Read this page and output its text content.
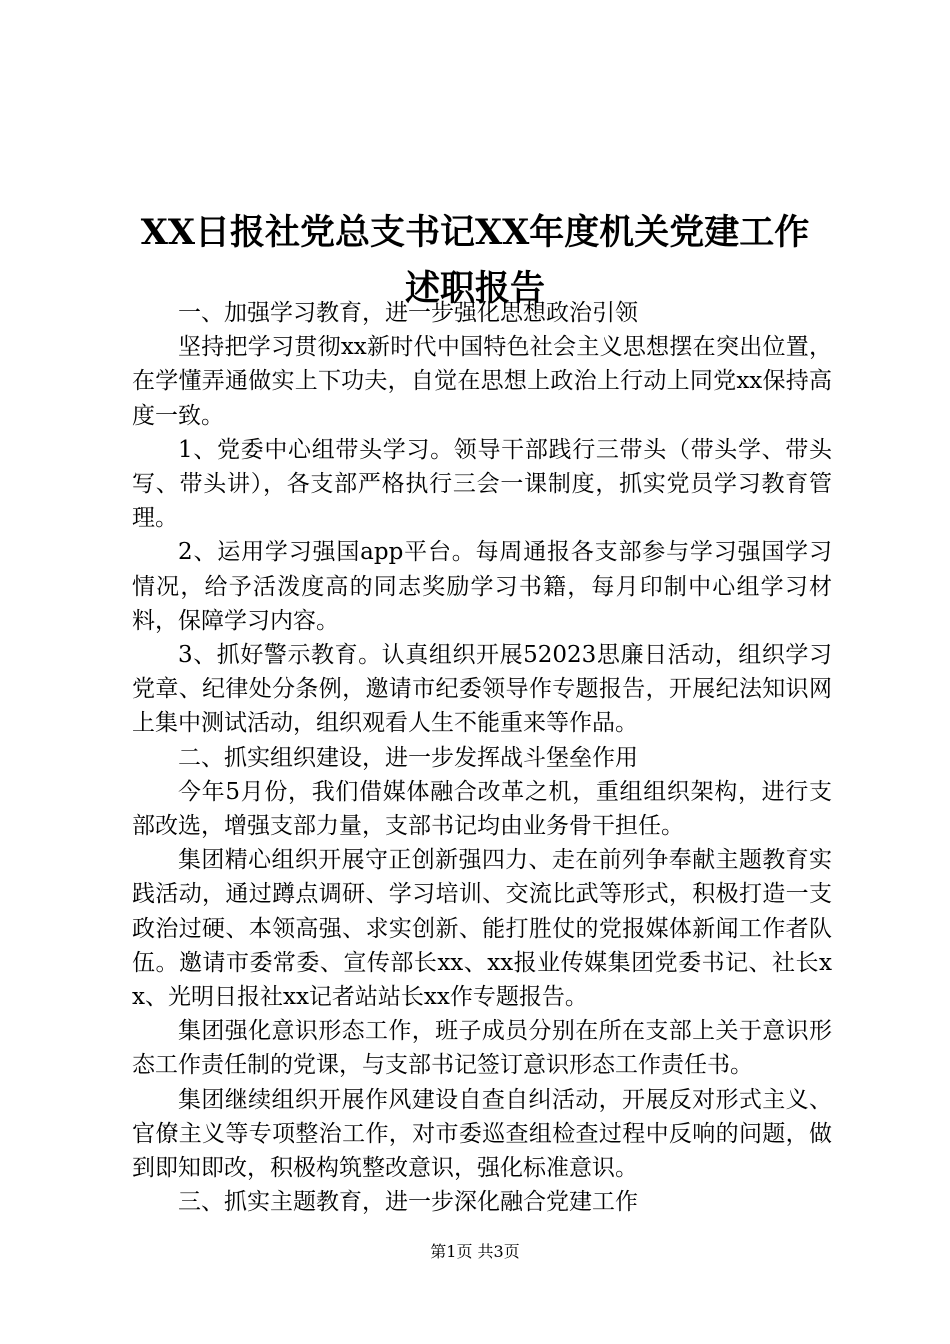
XX日报社党总支书记XX年度机关党建工作述职报告

一、加强学习教育，进一步强化思想政治引领

坚持把学习贯彻xx新时代中国特色社会主义思想摆在突出位置，在学懂弄通做实上下功夫，自觉在思想上政治上行动上同党xx保持高度一致。

1、党委中心组带头学习。领导干部践行三带头（带头学、带头写、带头讲），各支部严格执行三会一课制度，抓实党员学习教育管理。

2、运用学习强国app平台。每周通报各支部参与学习强国学习情况，给予活泼度高的同志奖励学习书籍，每月印制中心组学习材料，保障学习内容。

3、抓好警示教育。认真组织开展52023思廉日活动，组织学习党章、纪律处分条例，邀请市纪委领导作专题报告，开展纪法知识网上集中测试活动，组织观看人生不能重来等作品。

二、抓实组织建设，进一步发挥战斗堡垒作用

今年5月份，我们借媒体融合改革之机，重组组织架构，进行支部改选，增强支部力量，支部书记均由业务骨干担任。

集团精心组织开展守正创新强四力、走在前列争奉献主题教育实践活动，通过蹲点调研、学习培训、交流比武等形式，积极打造一支政治过硬、本领高强、求实创新、能打胜仗的党报媒体新闻工作者队伍。邀请市委常委、宣传部长xx、xx报业传媒集团党委书记、社长xx、光明日报社xx记者站站长xx作专题报告。

集团强化意识形态工作，班子成员分别在所在支部上关于意识形态工作责任制的党课，与支部书记签订意识形态工作责任书。

集团继续组织开展作风建设自查自纠活动，开展反对形式主义、官僚主义等专项整治工作，对市委巡查组检查过程中反响的问题，做到即知即改，积极构筑整改意识，强化标准意识。

三、抓实主题教育，进一步深化融合党建工作

第1页 共3页
